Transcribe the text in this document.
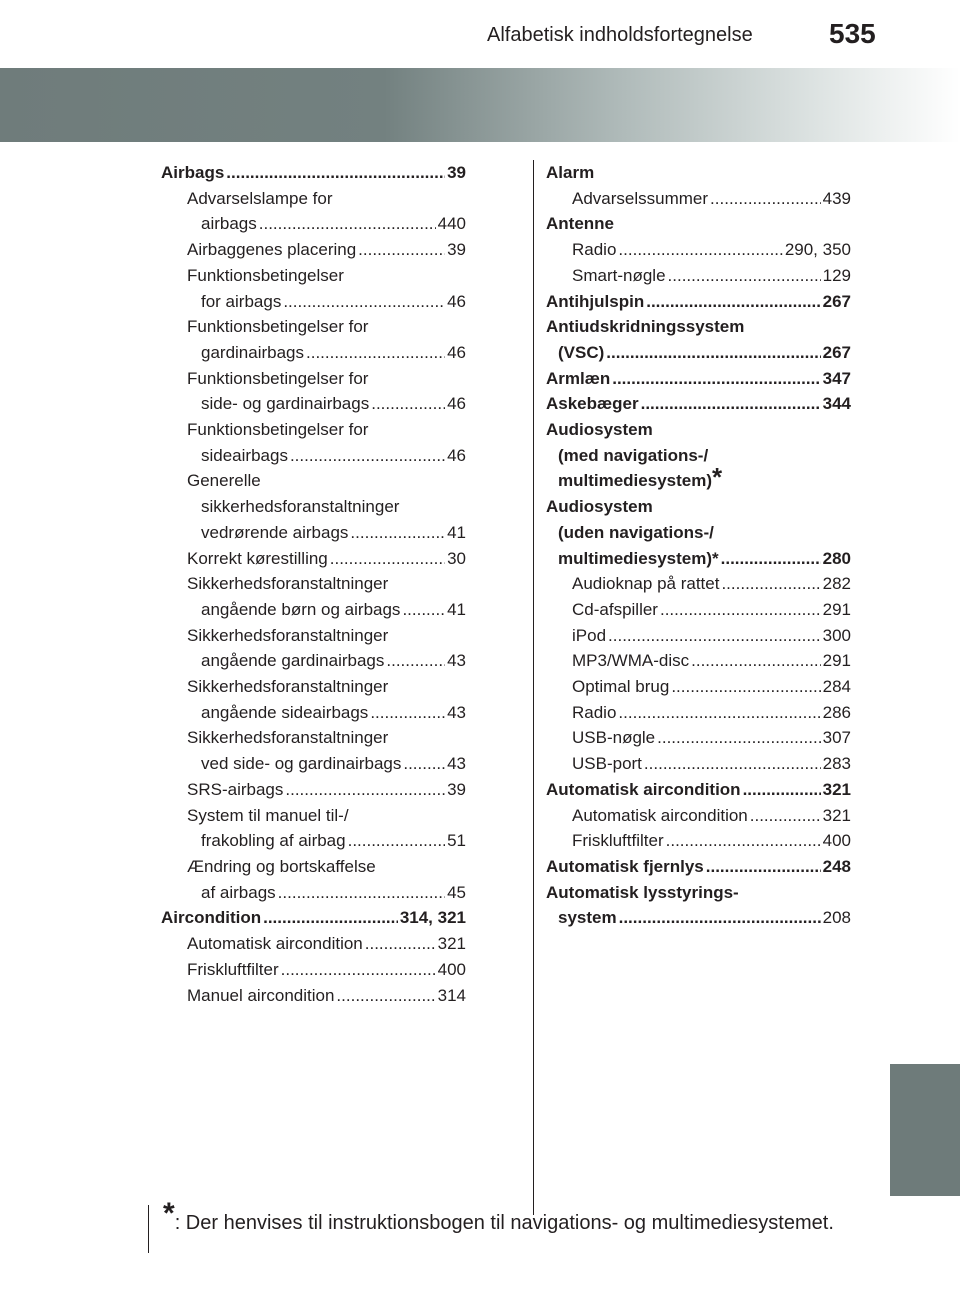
Alfabetisk indholdsfortegnelse	535
Airbags .....	39
Advarselslampe for
airbags .....	440
Airbaggenes placering .....	39
Funktionsbetingelser
for airbags .....	46
Funktionsbetingelser for
gardinairbags .....	46
Funktionsbetingelser for
side- og gardinairbags .....	46
Funktionsbetingelser for
sideairbags .....	46
Generelle
sikkerhedsforanstaltninger
vedrørende airbags .....	41
Korrekt kørestilling .....	30
Sikkerhedsforanstaltninger
angående børn og airbags .....	41
Sikkerhedsforanstaltninger
angående gardinairbags .....	43
Sikkerhedsforanstaltninger
angående sideairbags .....	43
Sikkerhedsforanstaltninger
ved side- og gardinairbags .....	43
SRS-airbags .....	39
System til manuel til-/
frakobling af airbag .....	51
Ændring og bortskaffelse
af airbags .....	45
Aircondition .....	314, 321
Automatisk aircondition .....	321
Friskluftfilter .....	400
Manuel aircondition .....	314
Alarm
Advarselssummer .....	439
Antenne
Radio .....	290, 350
Smart-nøgle .....	129
Antihjulspin .....	267
Antiudskridningssystem
(VSC) .....	267
Armlæn .....	347
Askebæger .....	344
Audiosystem
(med navigations-/
multimediesystem) *
Audiosystem
(uden navigations-/
multimediesystem)* .....	280
Audioknap på rattet .....	282
Cd-afspiller .....	291
iPod .....	300
MP3/WMA-disc .....	291
Optimal brug .....	284
Radio .....	286
USB-nøgle .....	307
USB-port .....	283
Automatisk aircondition .....	321
Automatisk aircondition .....	321
Friskluftfilter .....	400
Automatisk fjernlys .....	248
Automatisk lysstyrings-
system .....	208
*: Der henvises til instruktionsbogen til navigations- og multimediesystemet.
